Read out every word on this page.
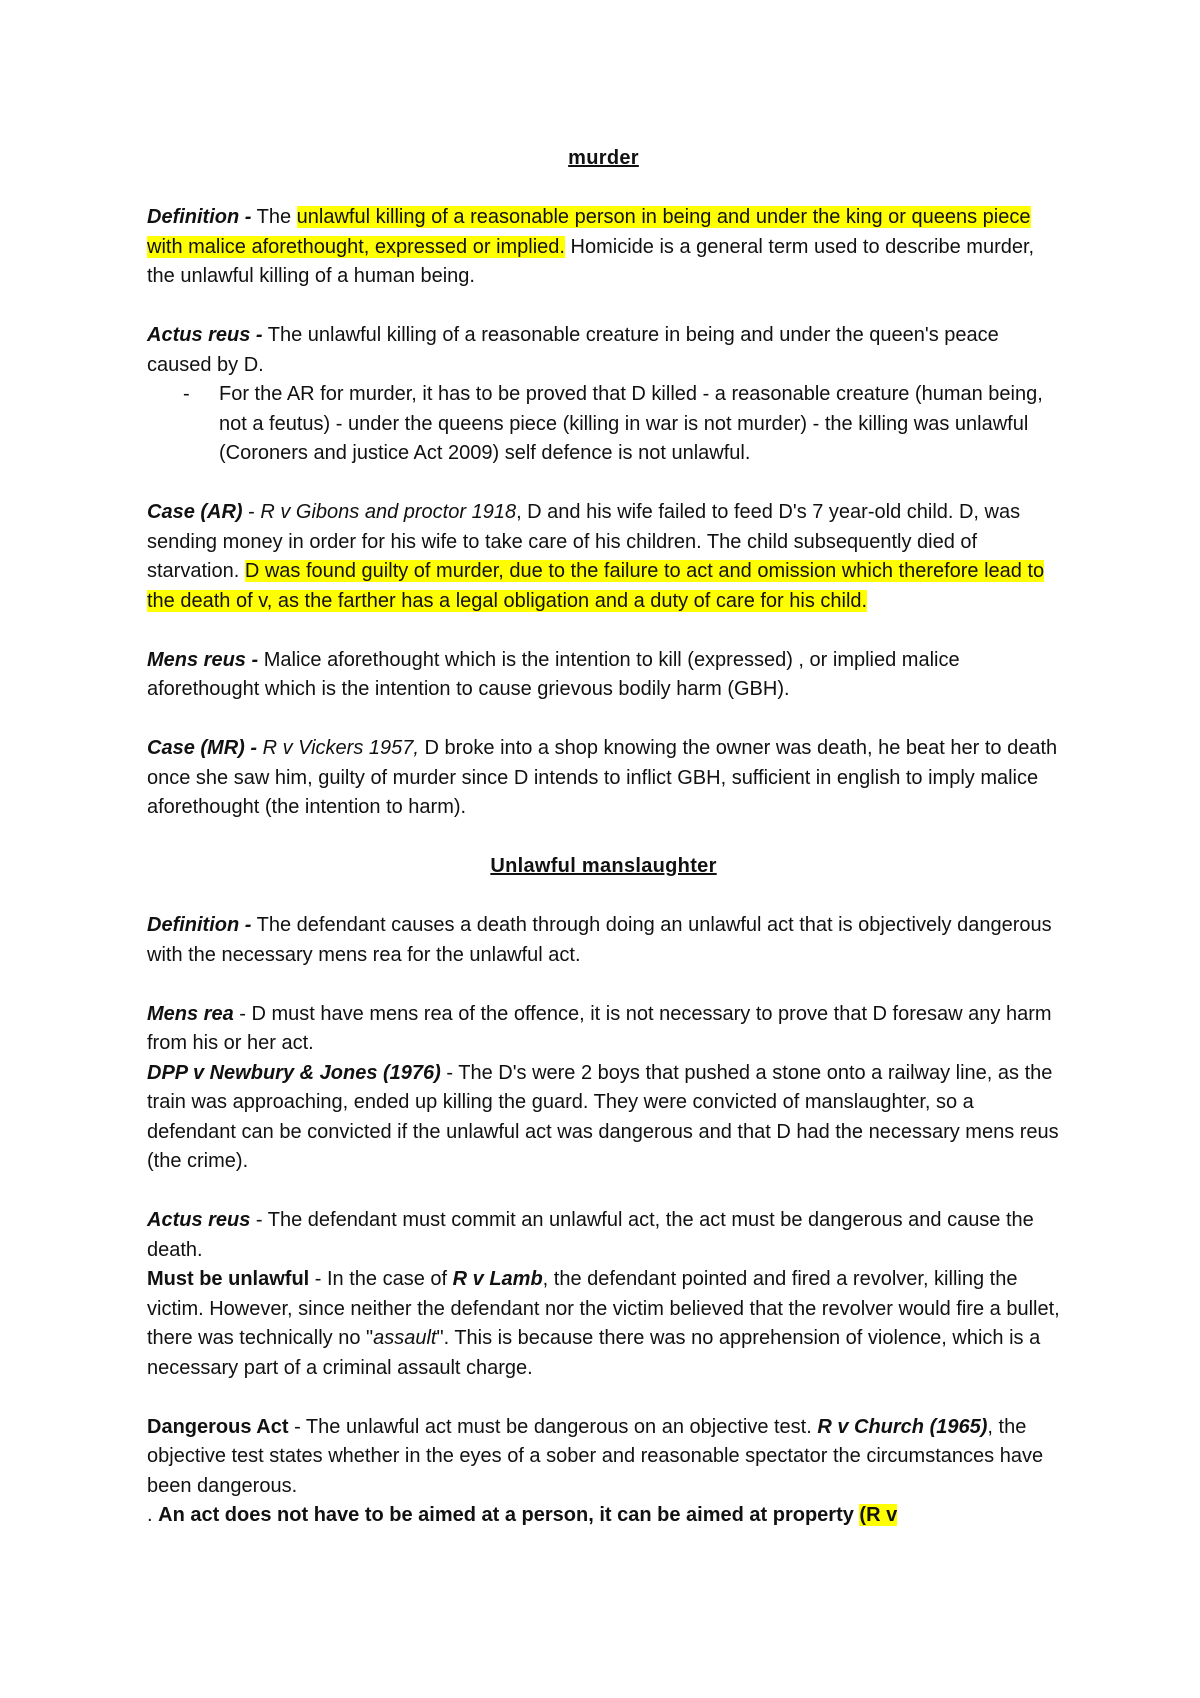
murder

Definition - The unlawful killing of a reasonable person in being and under the king or queens piece with malice aforethought, expressed or implied. Homicide is a general term used to describe murder, the unlawful killing of a human being.

Actus reus - The unlawful killing of a reasonable creature in being and under the queen's peace caused by D.

- For the AR for murder, it has to be proved that D killed - a reasonable creature (human being, not a feutus) - under the queens piece (killing in war is not murder) - the killing was unlawful (Coroners and justice Act 2009) self defence is not unlawful.

Case (AR) - R v Gibons and proctor 1918, D and his wife failed to feed D's 7 year-old child. D, was sending money in order for his wife to take care of his children. The child subsequently died of starvation. D was found guilty of murder, due to the failure to act and omission which therefore lead to the death of v, as the farther has a legal obligation and a duty of care for his child.

Mens reus - Malice aforethought which is the intention to kill (expressed) , or implied malice aforethought which is the intention to cause grievous bodily harm (GBH).

Case (MR) - R v Vickers 1957, D broke into a shop knowing the owner was death, he beat her to death once she saw him, guilty of murder since D intends to inflict GBH, sufficient in english to imply malice aforethought (the intention to harm).

Unlawful manslaughter

Definition - The defendant causes a death through doing an unlawful act that is objectively dangerous with the necessary mens rea for the unlawful act.

Mens rea - D must have mens rea of the offence, it is not necessary to prove that D foresaw any harm from his or her act.

DPP v Newbury & Jones (1976) - The D's were 2 boys that pushed a stone onto a railway line, as the train was approaching, ended up killing the guard. They were convicted of manslaughter, so a defendant can be convicted if the unlawful act was dangerous and that D had the necessary mens reus (the crime).

Actus reus - The defendant must commit an unlawful act, the act must be dangerous and cause the death.

Must be unlawful - In the case of R v Lamb, the defendant pointed and fired a revolver, killing the victim. However, since neither the defendant nor the victim believed that the revolver would fire a bullet, there was technically no "assault". This is because there was no apprehension of violence, which is a necessary part of a criminal assault charge.

Dangerous Act - The unlawful act must be dangerous on an objective test. R v Church (1965), the objective test states whether in the eyes of a sober and reasonable spectator the circumstances have been dangerous.

. An act does not have to be aimed at a person, it can be aimed at property (R v
